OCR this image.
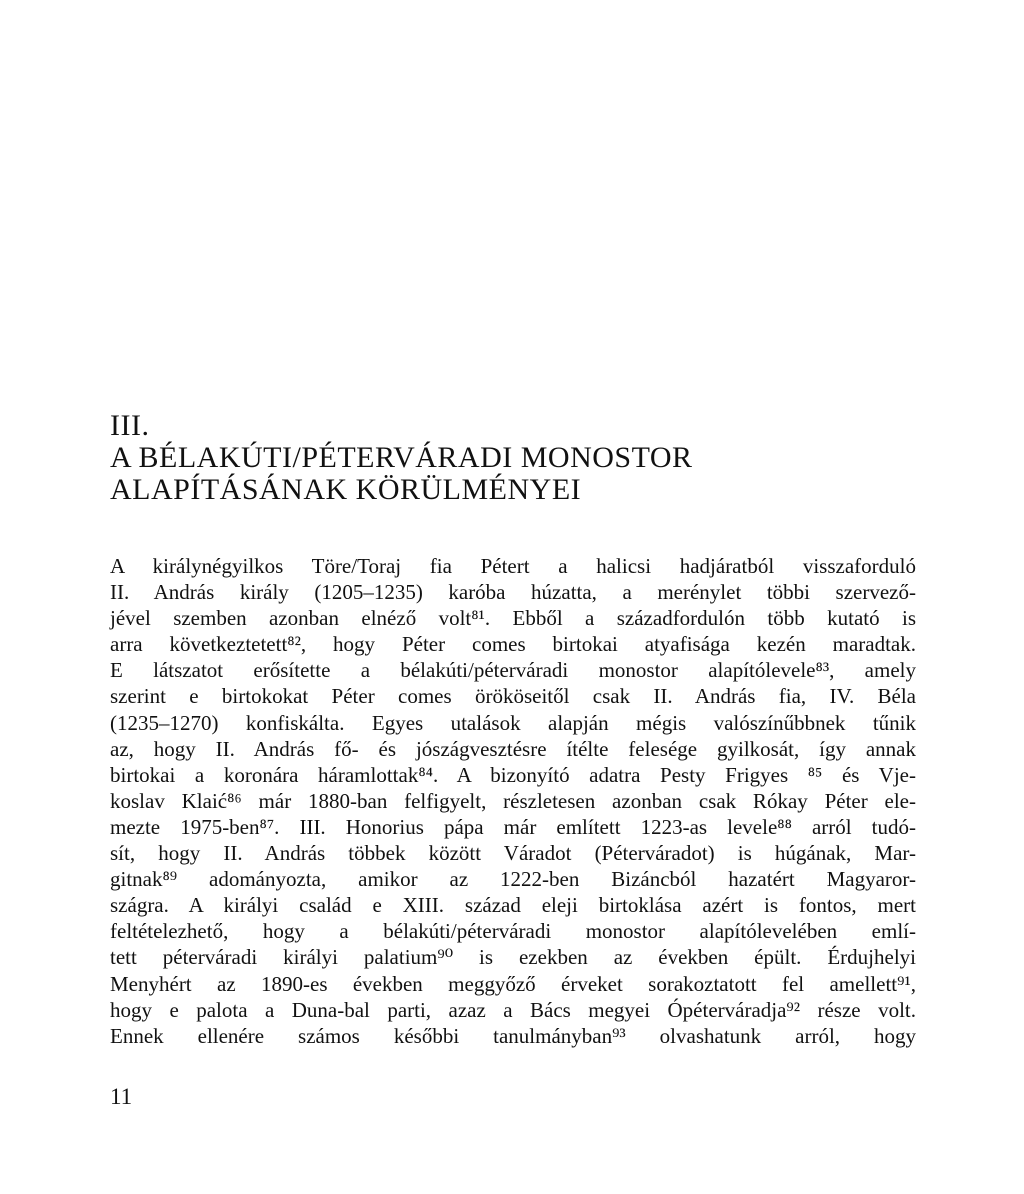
III.
A BÉLAKÚTI/PÉTERVÁRADI MONOSTOR
ALAPÍTÁSÁNAK KÖRÜLMÉNYEI
A királynégyilkos Töre/Toraj fia Pétert a halicsi hadjáratból visszaforduló
II. András király (1205–1235) karóba húzatta, a merénylet többi szervező-
jével szemben azonban elnéző volt⁸¹. Ebből a századfordulón több kutató is
arra következtetett⁸², hogy Péter comes birtokai atyafisága kezén maradtak.
E látszatot erősítette a bélakúti/péterváradi monostor alapítólevele⁸³, amely
szerint e birtokokat Péter comes örököseitől csak II. András fia, IV. Béla
(1235–1270) konfiskálta. Egyes utalások alapján mégis valószínűbbnek tűnik
az, hogy II. András fő- és jószágvesztésre ítélte felesége gyilkosát, így annak
birtokai a koronára háramlottak⁸⁴. A bizonyító adatra Pesty Frigyes ⁸⁵ és Vje-
koslav Klaić⁸⁶ már 1880-ban felfigyelt, részletesen azonban csak Rókay Péter ele-
mezte 1975-ben⁸⁷. III. Honorius pápa már említett 1223-as levele⁸⁸ arról tudó-
sít, hogy II. András többek között Váradot (Péterváradot) is húgának, Mar-
gitnak⁸⁹ adományozta, amikor az 1222-ben Bizáncból hazatért Magyaror-
szágra. A királyi család e XIII. század eleji birtoklása azért is fontos, mert
feltételezhető, hogy a bélakúti/péterváradi monostor alapítólevelében emlí-
tett péterváradi királyi palatium⁹⁰ is ezekben az években épült. Érdujhelyi
Menyhért az 1890-es években meggyőző érveket sorakoztatott fel amellett⁹¹,
hogy e palota a Duna-bal parti, azaz a Bács megyei Ópéterváradja⁹² része volt.
Ennek ellenére számos későbbi tanulmányban⁹³ olvashatunk arról, hogy
11
